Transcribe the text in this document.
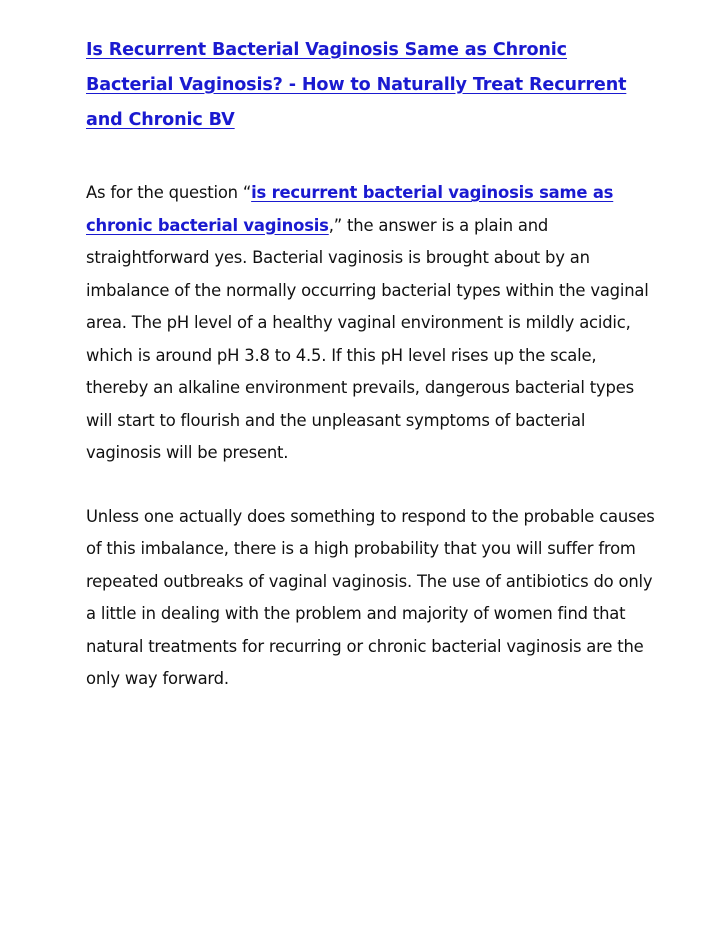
Is Recurrent Bacterial Vaginosis Same as Chronic Bacterial Vaginosis? - How to Naturally Treat Recurrent and Chronic BV

As for the question “is recurrent bacterial vaginosis same as chronic bacterial vaginosis,” the answer is a plain and straightforward yes. Bacterial vaginosis is brought about by an imbalance of the normally occurring bacterial types within the vaginal area. The pH level of a healthy vaginal environment is mildly acidic, which is around pH 3.8 to 4.5. If this pH level rises up the scale, thereby an alkaline environment prevails, dangerous bacterial types will start to flourish and the unpleasant symptoms of bacterial vaginosis will be present.

Unless one actually does something to respond to the probable causes of this imbalance, there is a high probability that you will suffer from repeated outbreaks of vaginal vaginosis. The use of antibiotics do only a little in dealing with the problem and majority of women find that natural treatments for recurring or chronic bacterial vaginosis are the only way forward.
